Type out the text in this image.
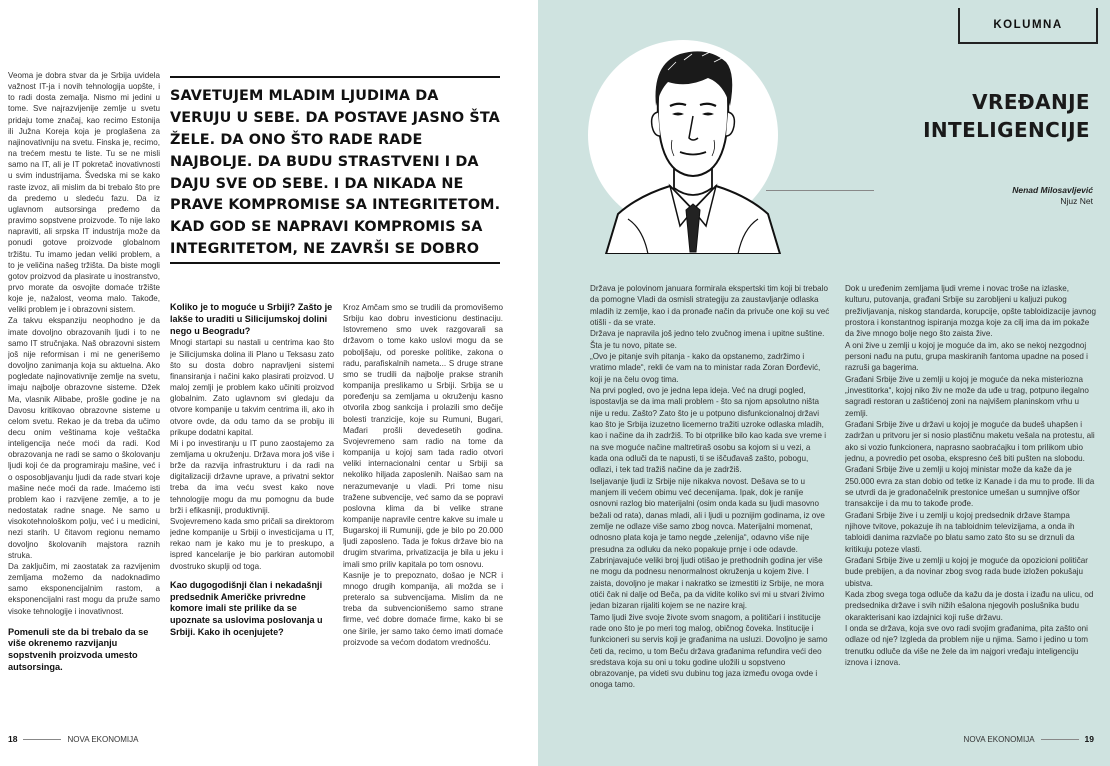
Veoma je dobra stvar da je Srbija uvidela važnost IT-ja i novih tehnologija uopšte, i to radi dosta zemalja. Nismo mi jedini u tome. Sve najrazvijenije zemlje u svetu pridaju tome značaj, kao recimo Estonija ili Južna Koreja koja je proglašena za najinovativniju na svetu. Finska je, recimo, na trećem mestu te liste. Tu se ne misli samo na IT, ali je IT pokretač inovativnosti u svim industrijama. Švedska mi se kako raste izvoz, ali mislim da bi trebalo što pre da predemo u sledeću fazu. Da iz uglavnom autsorsinga pređemo da pravimo sopstvene proizvode. To nije lako napraviti, ali srpska IT industrija može da ponudi gotove proizvode globalnom tržištu. Tu imamo jedan veliki problem, a to je veličina našeg tržišta. Da biste mogli gotov proizvod da plasirate u inostranstvo, prvo morate da osvojite domaće tržište koje je, nažalost, veoma malo. Takođe, veliki problem je i obrazovni sistem.

Za takvu ekspanziju neophodno je da imate dovoljno obrazovanih ljudi i to ne samo IT stručnjaka. Naš obrazovni sistem još nije reformisan i mi ne generišemo dovoljno zanimanja koja su aktuelna. Ako pogledate najinovativnije zemlje na svetu, imaju najbolje obrazovne sisteme. Džek Ma, vlasnik Alibabe, prošle godine je na Davosu kritikovao obrazovne sisteme u celom svetu. Rekao je da treba da učimo decu onim veštinama koje veštačka inteligencija neće moći da radi. Kod obrazovanja ne radi se samo o školovanju ljudi koji će da programiraju mašine, već i o osposobljavanju ljudi da rade stvari koje mašine neće moći da rade. Imaćemo isti problem kao i razvijene zemlje, a to je nedostatak radne snage. Ne samo u visokotehnološkom polju, već i u medicini, nezi starih. U čitavom regionu nemamo dovoljno školovanih majstora raznih struka.

Da zaključim, mi zaostatak za razvijenim zemljama možemo da nadoknadimo samo eksponencijalnim rastom, a eksponencijalni rast mogu da pruže samo visoke tehnologije i inovativnost.

Pomenuli ste da bi trebalo da se više okrenemo razvijanju sopstvenih proizvoda umesto autsorsinga.

SAVETUJEM MLADIM LJUDIMA DA VERUJU U SEBE. DA POSTAVE JASNO ŠTA ŽELE. DA ONO ŠTO RADE RADE NAJBOLJE. DA BUDU STRASTVENI I DA DAJU SVE OD SEBE. I DA NIKADA NE PRAVE KOMPROMISE SA INTEGRITETOM. KAD GOD SE NAPRAVI KOMPROMIS SA INTEGRITETOM, NE ZAVRŠI SE DOBRO

Koliko je to moguće u Srbiji? Zašto je lakše to uraditi u Silicijumskoj dolini nego u Beogradu?

Mnogi startapi su nastali u centrima kao što je Silicijumska dolina ili Plano u Teksasu zato što su dosta dobro napravljeni sistemi finansiranja i načini kako plasirati proizvod. U maloj zemlji je problem kako učiniti proizvod globalnim. Zato uglavnom svi gledaju da otvore kompanije u takvim centrima ili, ako ih otvore ovde, da odu tamo da se probiju ili prikupe dodatni kapital.

Mi i po investiranju u IT puno zaostajemo za zemljama u okruženju. Država mora još više i brže da razvija infrastrukturu i da radi na digitalizaciji državne uprave, a privatni sektor treba da ima veću svest kako nove tehnologije mogu da mu pomognu da bude brži i efikasniji, produktivniji.

Svojevremeno kada smo pričali sa direktorom jedne kompanije u Srbiji o investicijama u IT, rekao nam je kako mu je to preskupo, a ispred kancelarije je bio parkiran automobil dvostruko skuplji od toga.

Kao dugogodišnji član i nekadašnji predsednik Američke privredne komore imali ste prilike da se upoznate sa uslovima poslovanja u Srbiji. Kako ih ocenjujete?

Kroz Amčam smo se trudili da promovišemo Srbiju kao dobru investicionu destinaciju. Istovremeno smo uvek razgovarali sa državom o tome kako uslovi mogu da se poboljšaju, od poreske politike, zakona o radu, parafiskalnih nameta... S druge strane smo se trudili da najbolje prakse stranih kompanija preslikamo u Srbiji. Srbija se u poređenju sa zemljama u okruženju kasno otvorila zbog sankcija i prolazili smo dečije bolesti tranzicije, koje su Rumuni, Bugari, Mađari prošli devedesetih godina. Svojevremeno sam radio na tome da kompanija u kojoj sam tada radio otvori veliki internacionalni centar u Srbiji sa nekoliko hiljada zaposlenih. Naišao sam na nerazumevanje u vladi. Pri tome nisu traženе subvencije, već samo da se popravi poslovna klima da bi velike strane kompanije napravile centre kakve su imale u Bugarskoj ili Rumuniji, gde je bilo po 20.000 ljudi zaposleno. Tada je fokus države bio na drugim stvarima, privatizacija je bila u jeku i imali smo priliv kapitala po tom osnovu.

Kasnije je to prepoznato, došao je NCR i mnogo drugih kompanija, ali možda se i preteralo sa subvencijama. Mislim da ne treba da subvencionišemo samo strane firme, već dobre domaće firme, kako bi se one širile, jer samo tako ćemo imati domaće proizvode sa većom dodatom vrednošću.

18	NOVA EKONOMIJA
KOLUMNA
VREĐANJE
INTELIGENCIJE
Nenad Milosavljević
Njuz Net

Država je polovinom januara formirala ekspertski tim koji bi trebalo da pomogne Vladi da osmisli strategiju za zaustavljanje odlaska mladih iz zemlje, kao i da pronađe način da privuče one koji su već otišli - da se vrate.

Država je napravila još jedno telo zvučnog imena i upitne suštine. Šta je tu novo, pitate se.

„Ovo je pitanje svih pitanja - kako da opstanemo, zadržimo i vratimo mlade“, rekli će vam na to ministar rada Zoran Đorđević, koji je na čelu ovog tima.

Na prvi pogled, ovo je jedna lepa ideja. Već na drugi pogled, ispostavlja se da ima mali problem - što sa njom apsolutno ništa nije u redu. Zašto? Zato što je u potpuno disfunkcionalnoj državi kao što je Srbija izuzetno licemerno tražiti uzroke odlaska mladih, kao i načine da ih zadržiš. To bi otprilike bilo kao kada sve vreme i na sve moguće načine maltretiraš osobu sa kojom si u vezi, a kada ona odluči da te napusti, ti se iščuđavaš zašto, pobogu, odlazi, i tek tad tražiš načine da je zadržiš.

Iseljavanje ljudi iz Srbije nije nikakva novost. Dešava se to u manjem ili većem obimu već decenijama. Ipak, dok je ranije osnovni razlog bio materijalni (osim onda kada su ljudi masovno bežali od rata), danas mladi, ali i ljudi u poznijim godinama, iz ove zemlje ne odlaze više samo zbog novca. Materijalni momenat, odnosno plata koja je tamo negde „zelenija“, odavno više nije presudna za odluku da neko popakuje prnje i ode odavde.

Zabrinjavajuće veliki broj ljudi otišao je prethodnih godina jer više ne mogu da podnesu nenormalnost okruženja u kojem žive. I zaista, dovoljno je makar i nakratko se izmestiti iz Srbije, ne mora otići čak ni dalje od Beča, pa da vidite koliko svi mi u stvari živimo jedan bizaran rijaliti kojem se ne nazire kraj.

Tamo ljudi žive svoje živote svom snagom, a političari i institucije rade ono što je po meri tog malog, običnog čoveka. Institucije i funkcioneri su servis koji je građanima na usluzi. Dovoljno je samo četi da, recimo, u tom Beču država građanima refundira veći deo sredstava koja su oni u toku godine uložili u sopstveno obrazovanje, pa videti svu dubinu tog jaza između ovoga ovde i onoga tamo.

Dok u uređenim zemljama ljudi vreme i novac troše na izlaske, kulturu, putovanja, građani Srbije su zarobljeni u kaljuzi pukog preživljavanja, niskog standarda, korupcije, opšte tabloidizacije javnog prostora i konstantnog ispiranja mozga koje za cilj ima da im pokaže da žive mnogo bolje nego što zaista žive.

A oni žive u zemlji u kojoj je moguće da im, ako se nekoj nezgodnoj personi nađu na putu, grupa maskiranih fantoma upadne na posed i razruši ga bagerima.

Građani Srbije žive u zemlji u kojoj je moguće da neka misteriozna „investitorka“, kojoj niko živ ne može da uđe u trag, potpuno ilegalno sagradi restoran u zaštićenoj zoni na najvišem planinskom vrhu u zemlji.

Građani Srbije žive u državi u kojoj je moguće da budeš uhapšen i zadržan u pritvoru jer si nosio plastičnu maketu vešala na protestu, ali ako si vozio funkcionera, naprasno saobraćajku i tom prilikom ubio jednu, a povredio pet osoba, ekspresno ćeš biti pušten na slobodu.

Građani Srbije žive u zemlji u kojoj ministar može da kaže da je 250.000 evra za stan dobio od tetke iz Kanade i da mu to prođe. Ili da se utvrdi da je gradonačelnik prestonice umešan u sumnjive ofšor transakcije i da mu to takođe prođe.

Građani Srbije žive i u zemlji u kojoj predsednik države štampa njihove tvitove, pokazuje ih na tabloidnim televizijama, a onda ih tabloidi danima razvlače po blatu samo zato što su se drznuli da kritikuju poteze vlasti.

Građani Srbije žive u zemlji u kojoj je moguće da opozicioni političar bude prebijen, a da novinar zbog svog rada bude izložen pokušaju ubistva.

Kada zbog svega toga odluče da kažu da je dosta i izađu na ulicu, od predsednika države i svih nižih ešalona njegovih poslušnika budu okarakterisani kao izdajnici koji ruše državu.

I onda se država, koja sve ovo radi svojim građanima, pita zašto oni odlaze od nje? Izgleda da problem nije u njima. Samo i jedino u tom trenutku odluče da više ne žele da im najgori vređaju inteligenciju iznova i iznova.

NOVA EKONOMIJA	19
